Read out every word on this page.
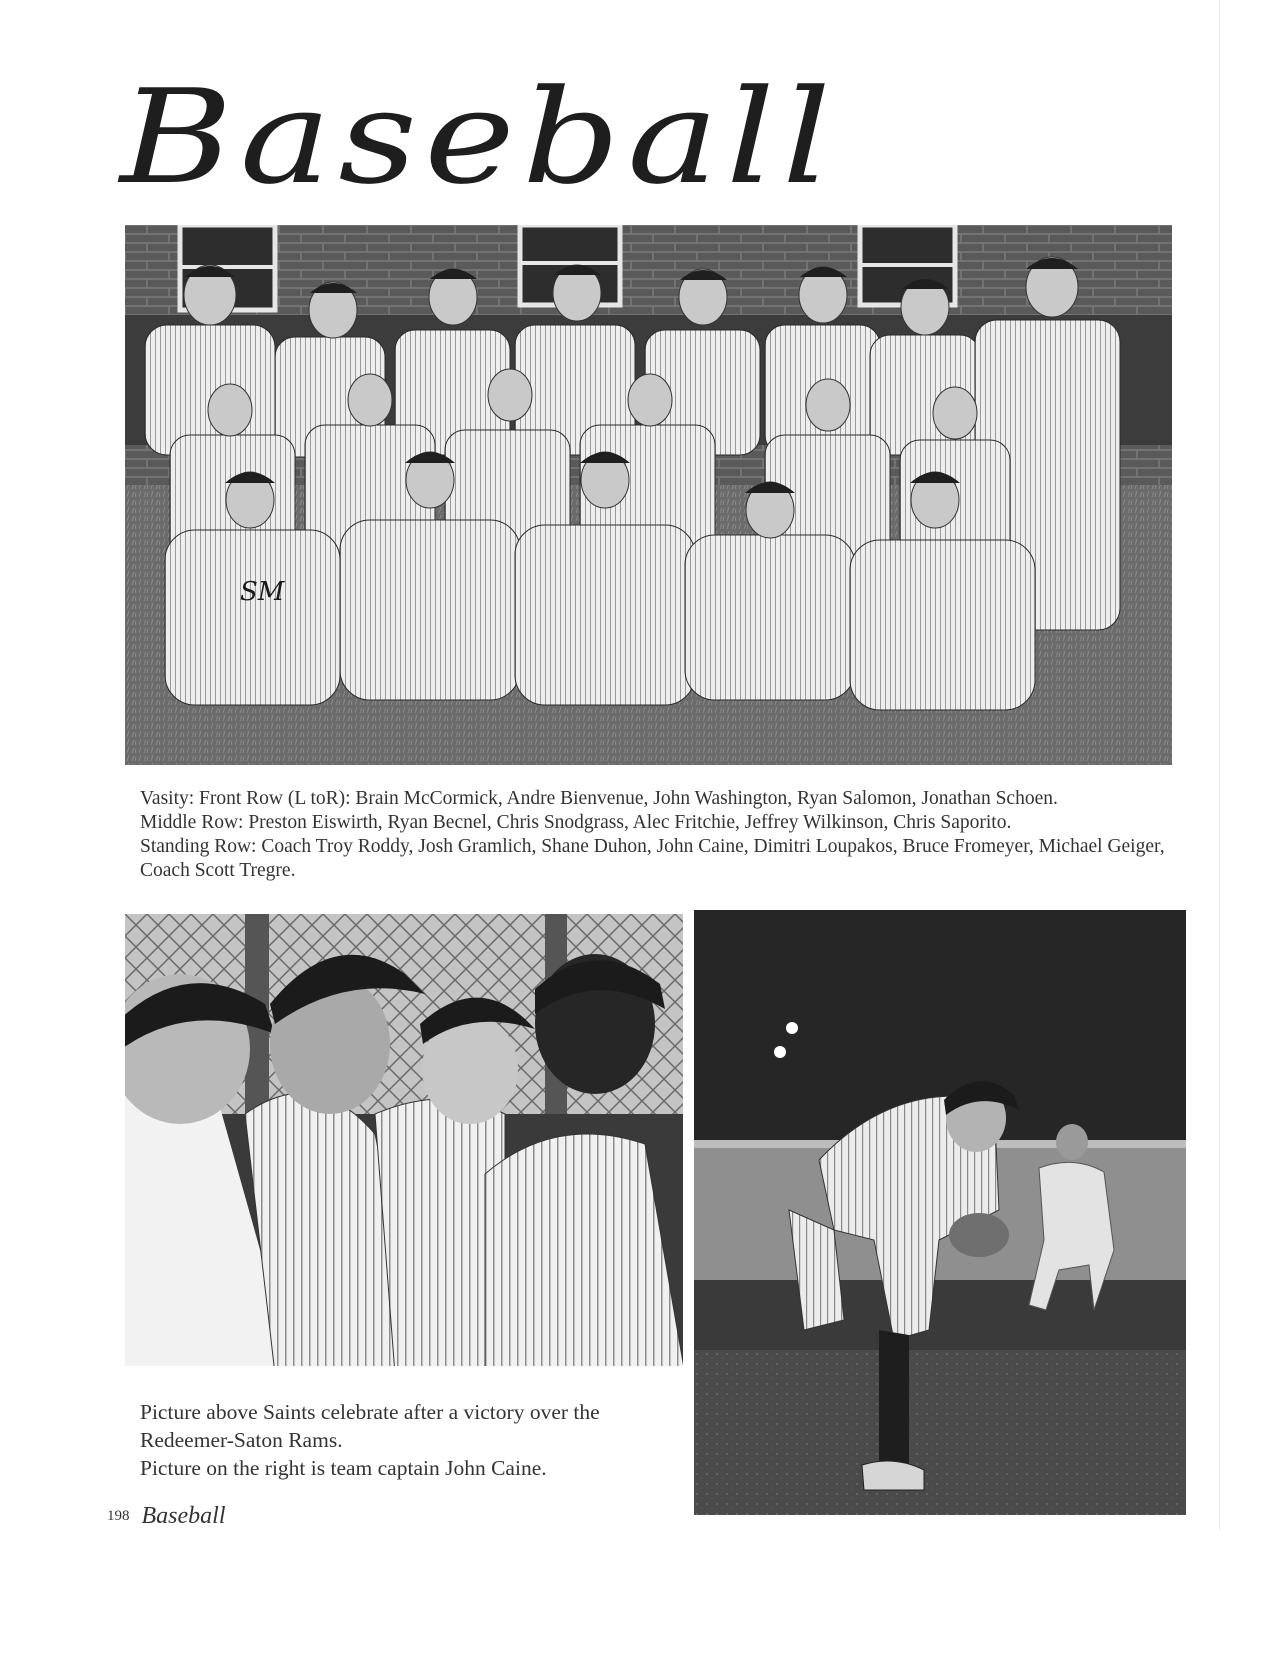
Baseball
SM

Vasity: Front Row (L toR): Brain McCormick, Andre Bienvenue, John Washington, Ryan Salomon, Jonathan Schoen.

Middle Row: Preston Eiswirth, Ryan Becnel, Chris Snodgrass, Alec Fritchie, Jeffrey Wilkinson, Chris Saporito.

Standing Row: Coach Troy Roddy, Josh Gramlich, Shane Duhon, John Caine, Dimitri Loupakos, Bruce Fromeyer, Michael Geiger, Coach Scott Tregre.

Picture above Saints celebrate after a victory over the Redeemer-Saton Rams.

Picture on the right is team captain John Caine.

198 Baseball
